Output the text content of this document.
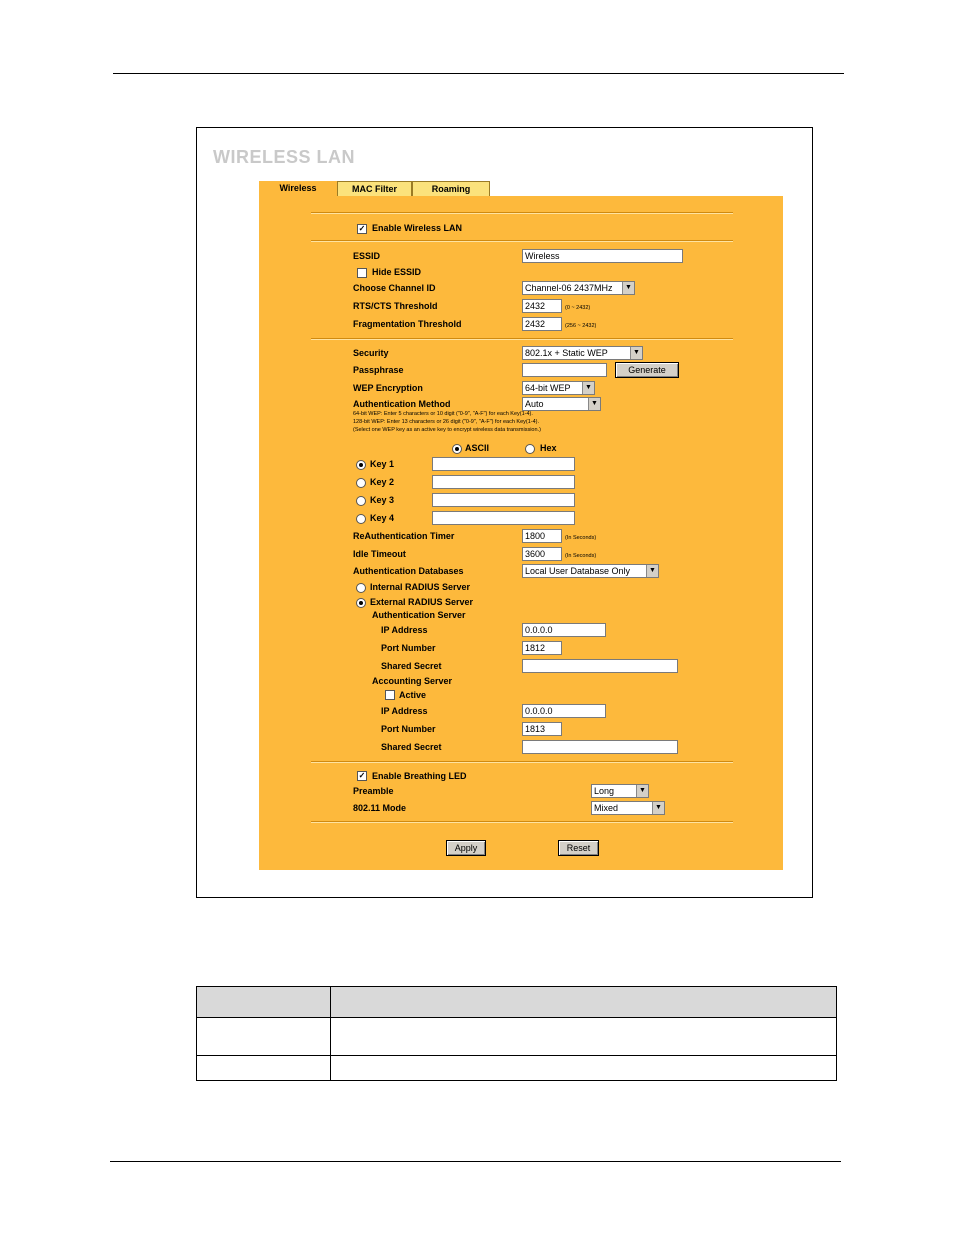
WIRELESS LAN
Wireless	MAC Filter	Roaming
✓ Enable Wireless LAN
ESSID	Wireless
Hide ESSID
Choose Channel ID	Channel-06 2437MHz	▼
RTS/CTS Threshold	2432	(0 ~ 2432)
Fragmentation Threshold	2432	(256 ~ 2432)
Security	802.1x + Static WEP	▼
Passphrase	Generate
WEP Encryption	64-bit WEP	▼
Authentication Method	Auto	▼
64-bit WEP: Enter 5 characters or 10 digit ("0-9", "A-F") for each Key(1-4).
128-bit WEP: Enter 13 characters or 26 digit ("0-9", "A-F") for each Key(1-4).
(Select one WEP key as an active key to encrypt wireless data transmission.)
ASCII	Hex
Key 1
Key 2
Key 3
Key 4
ReAuthentication Timer	1800	(In Seconds)
Idle Timeout	3600	(In Seconds)
Authentication Databases	Local User Database Only	▼
Internal RADIUS Server
External RADIUS Server
Authentication Server
IP Address	0.0.0.0
Port Number	1812
Shared Secret
Accounting Server
Active
IP Address	0.0.0.0
Port Number	1813
Shared Secret
✓ Enable Breathing LED
Preamble	Long	▼
802.11 Mode	Mixed	▼
Apply	Reset
